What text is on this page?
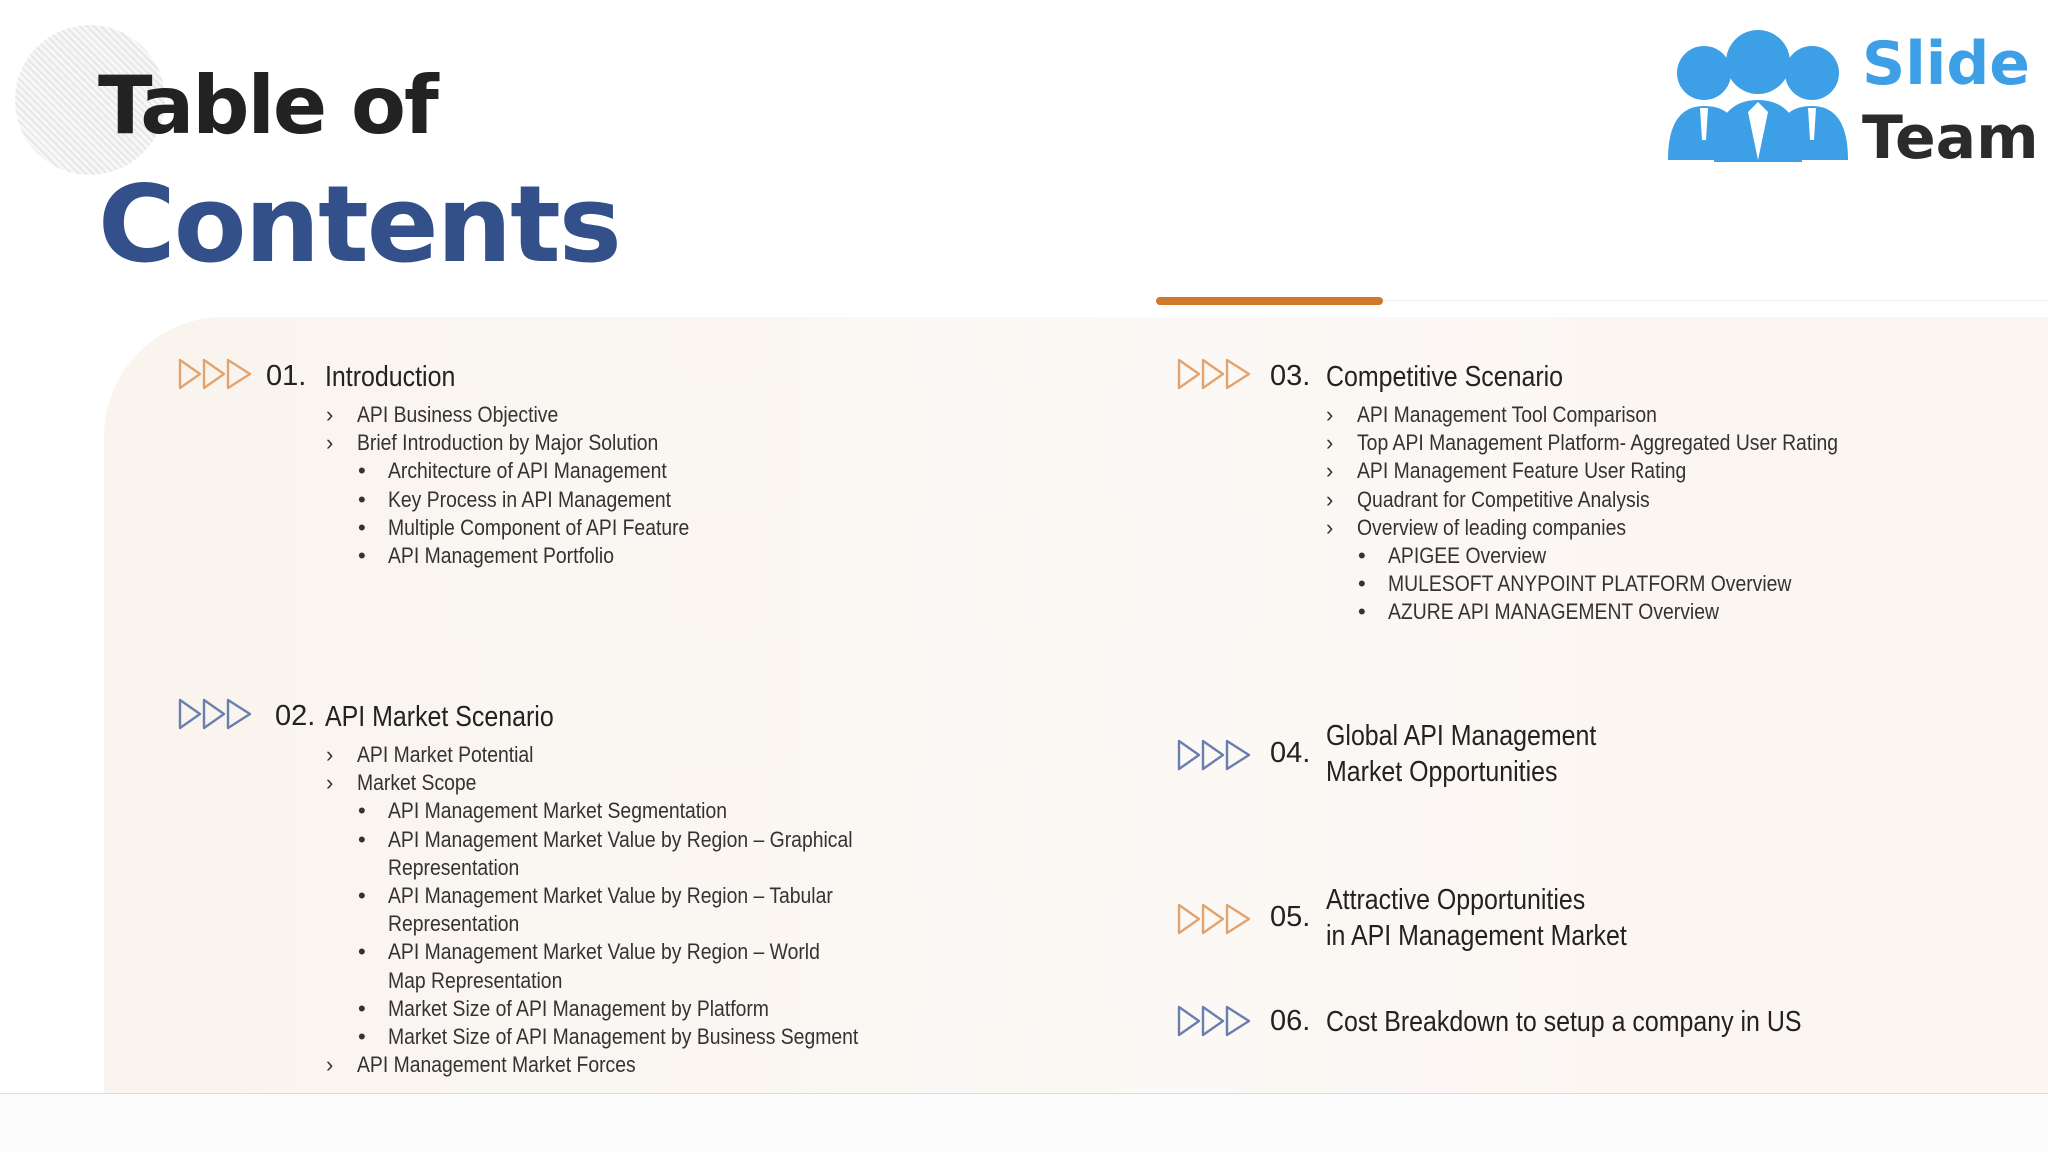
Table of
Contents
Slide
Team
01. Introduction
› API Business Objective
› Brief Introduction by Major Solution
• Architecture of API Management
• Key Process in API Management
• Multiple Component of API Feature
• API Management Portfolio
02. API Market Scenario
› API Market Potential
› Market Scope
• API Management Market Segmentation
• API Management Market Value by Region – Graphical Representation
• API Management Market Value by Region – Tabular Representation
• API Management Market Value by Region – World Map Representation
• Market Size of API Management by Platform
• Market Size of API Management by Business Segment
› API Management Market Forces
03. Competitive Scenario
› API Management Tool Comparison
› Top API Management Platform- Aggregated User Rating
› API Management Feature User Rating
› Quadrant for Competitive Analysis
› Overview of leading companies
• APIGEE Overview
• MULESOFT ANYPOINT PLATFORM Overview
• AZURE API MANAGEMENT Overview
04.
Global API Management
Market Opportunities
05.
Attractive Opportunities
in API Management Market
06. Cost Breakdown to setup a company in US
